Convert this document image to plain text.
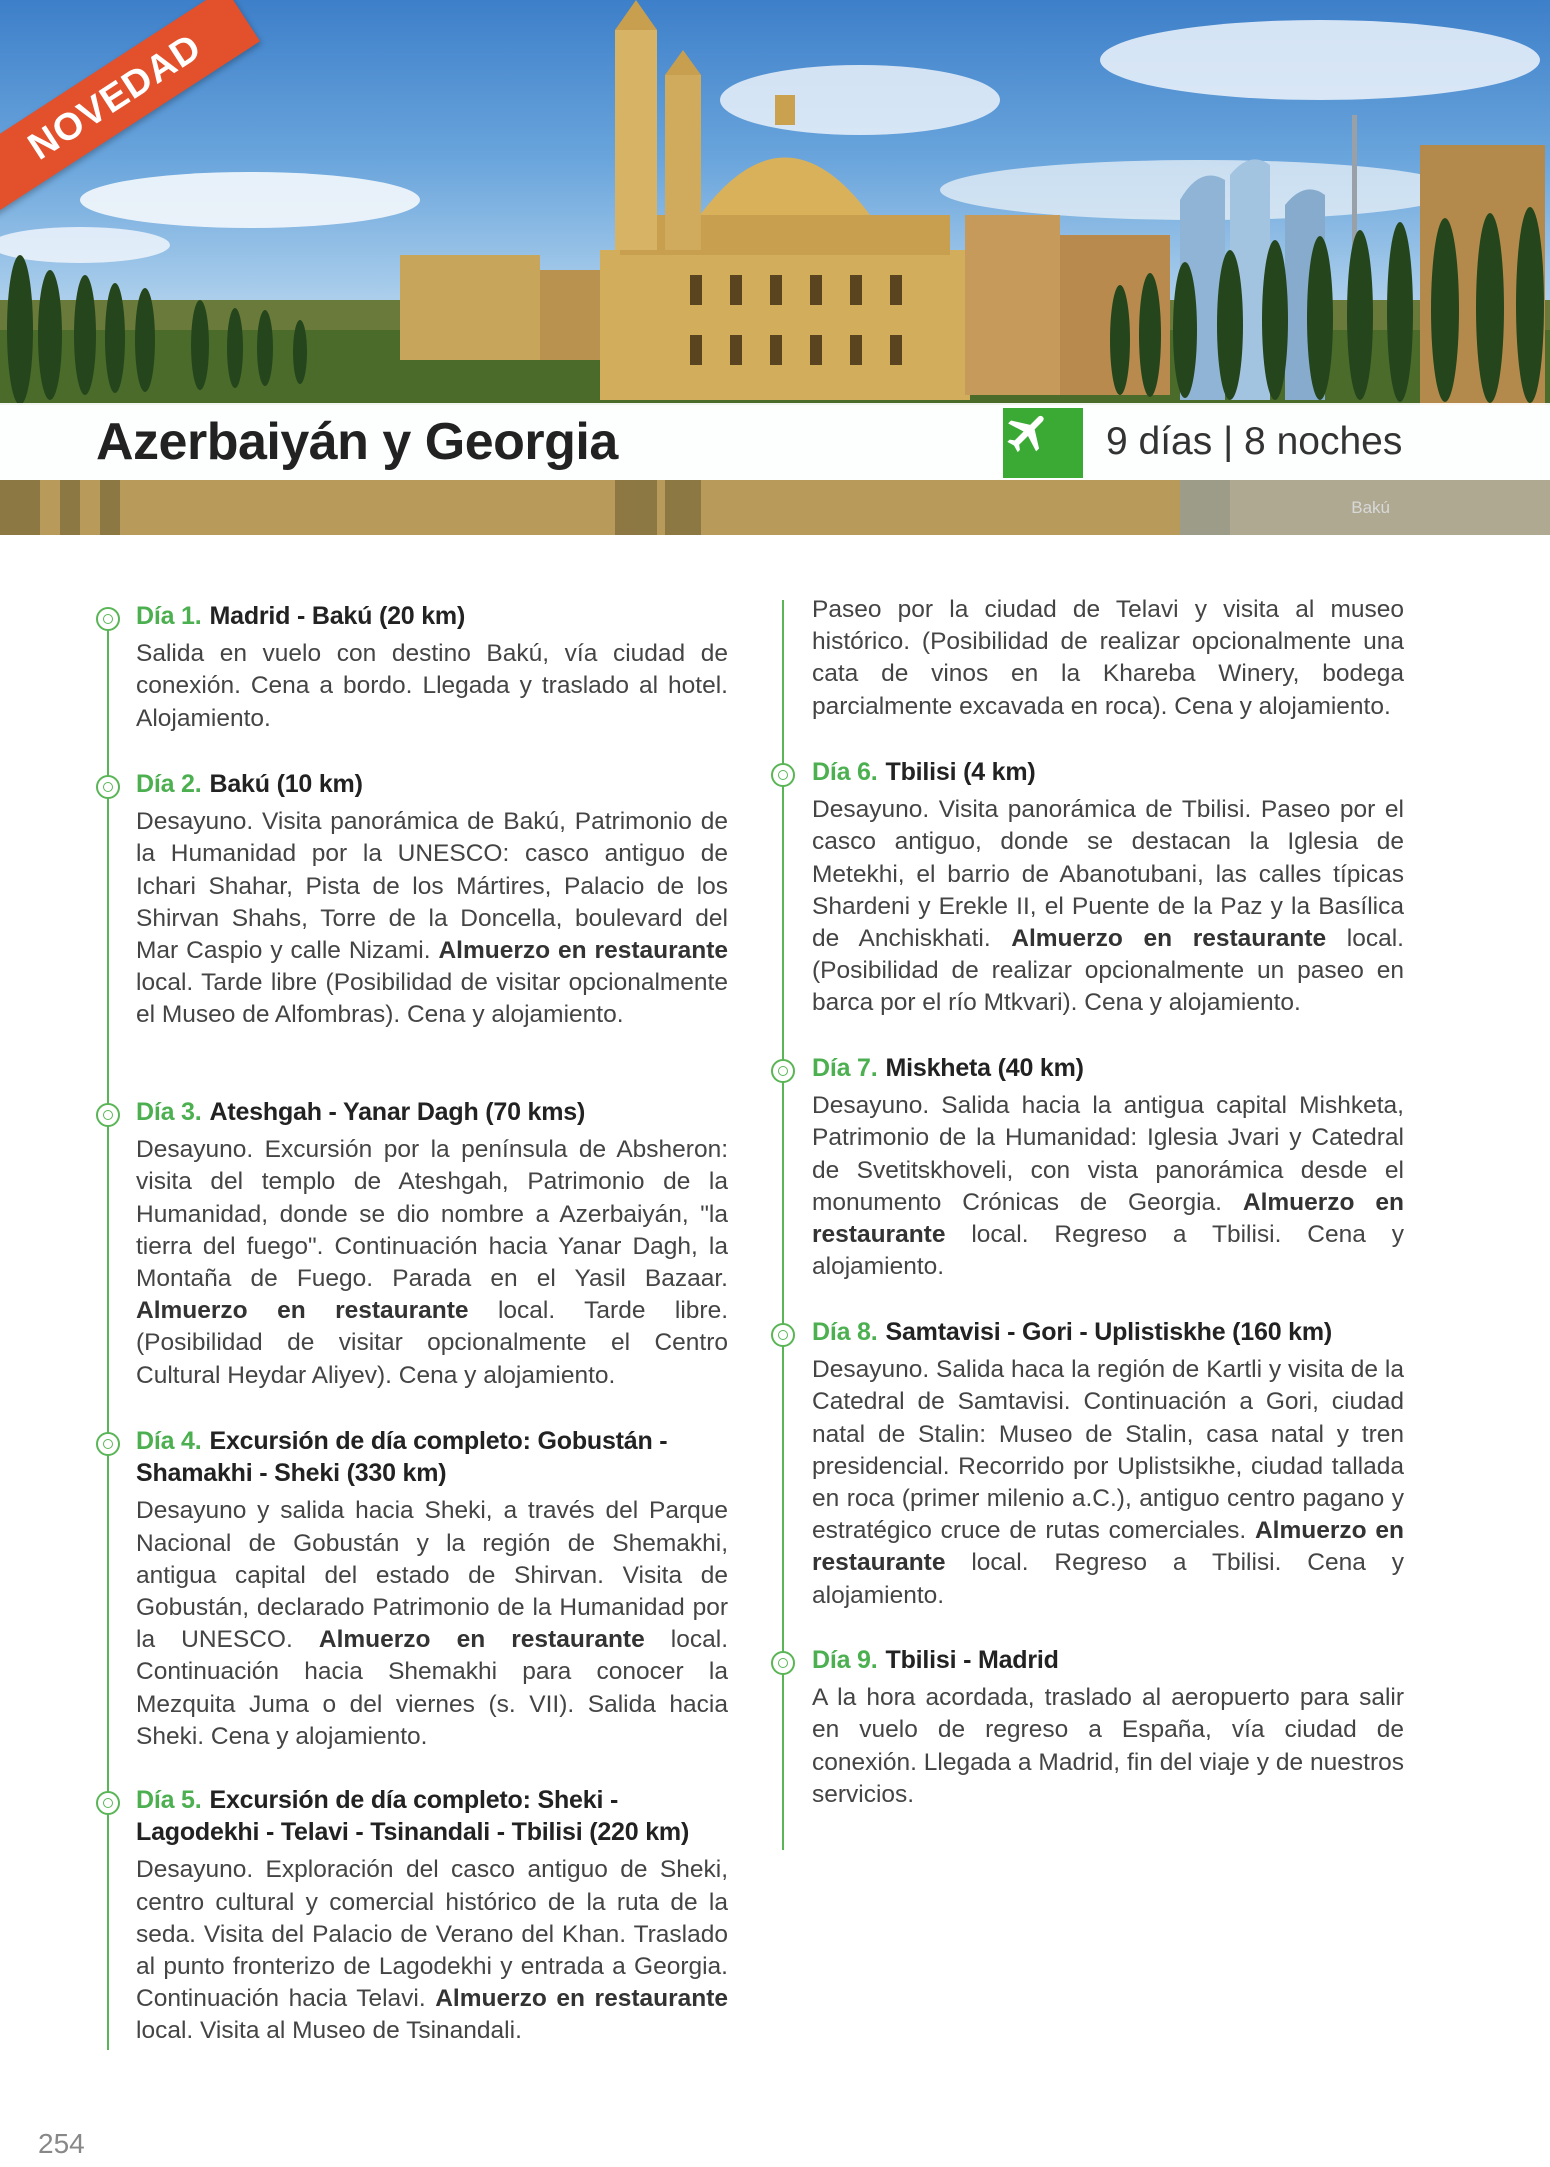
NOVEDAD
Azerbaiyán y Georgia	9 días | 8 noches
Bakú
Día 1. Madrid - Bakú (20 km)

Salida en vuelo con destino Bakú, vía ciudad de conexión. Cena a bordo. Llegada y traslado al hotel. Alojamiento.

Día 2. Bakú (10 km)

Desayuno. Visita panorámica de Bakú, Patrimonio de la Humanidad por la UNESCO: casco antiguo de Ichari Shahar, Pista de los Mártires, Palacio de los Shirvan Shahs, Torre de la Doncella, boulevard del Mar Caspio y calle Nizami. Almuerzo en restaurante local. Tarde libre (Posibilidad de visitar opcionalmente el Museo de Alfombras). Cena y alojamiento.

Día 3. Ateshgah - Yanar Dagh (70 kms)

Desayuno. Excursión por la península de Absheron: visita del templo de Ateshgah, Patrimonio de la Humanidad, donde se dio nombre a Azerbaiyán, "la tierra del fuego". Continuación hacia Yanar Dagh, la Montaña de Fuego. Parada en el Yasil Bazaar. Almuerzo en restaurante local. Tarde libre. (Posibilidad de visitar opcionalmente el Centro Cultural Heydar Aliyev). Cena y alojamiento.

Día 4. Excursión de día completo: Gobustán - Shamakhi - Sheki (330 km)

Desayuno y salida hacia Sheki, a través del Parque Nacional de Gobustán y la región de Shemakhi, antigua capital del estado de Shirvan. Visita de Gobustán, declarado Patrimonio de la Humanidad por la UNESCO. Almuerzo en restaurante local. Continuación hacia Shemakhi para conocer la Mezquita Juma o del viernes (s. VII). Salida hacia Sheki. Cena y alojamiento.

Día 5. Excursión de día completo: Sheki - Lagodekhi - Telavi - Tsinandali - Tbilisi (220 km)

Desayuno. Exploración del casco antiguo de Sheki, centro cultural y comercial histórico de la ruta de la seda. Visita del Palacio de Verano del Khan. Traslado al punto fronterizo de Lagodekhi y entrada a Georgia. Continuación hacia Telavi. Almuerzo en restaurante local. Visita al Museo de Tsinandali.

Paseo por la ciudad de Telavi y visita al museo histórico. (Posibilidad de realizar opcionalmente una cata de vinos en la Khareba Winery, bodega parcialmente excavada en roca). Cena y alojamiento.

Día 6. Tbilisi (4 km)

Desayuno. Visita panorámica de Tbilisi. Paseo por el casco antiguo, donde se destacan la Iglesia de Metekhi, el barrio de Abanotubani, las calles típicas Shardeni y Erekle II, el Puente de la Paz y la Basílica de Anchiskhati. Almuerzo en restaurante local. (Posibilidad de realizar opcionalmente un paseo en barca por el río Mtkvari). Cena y alojamiento.

Día 7. Miskheta (40 km)

Desayuno. Salida hacia la antigua capital Mishketa, Patrimonio de la Humanidad: Iglesia Jvari y Catedral de Svetitskhoveli, con vista panorámica desde el monumento Crónicas de Georgia. Almuerzo en restaurante local. Regreso a Tbilisi. Cena y alojamiento.

Día 8. Samtavisi - Gori - Uplistiskhe (160 km)

Desayuno. Salida haca la región de Kartli y visita de la Catedral de Samtavisi. Continuación a Gori, ciudad natal de Stalin: Museo de Stalin, casa natal y tren presidencial. Recorrido por Uplistsikhe, ciudad tallada en roca (primer milenio a.C.), antiguo centro pagano y estratégico cruce de rutas comerciales. Almuerzo en restaurante local. Regreso a Tbilisi. Cena y alojamiento.

Día 9. Tbilisi - Madrid

A la hora acordada, traslado al aeropuerto para salir en vuelo de regreso a España, vía ciudad de conexión. Llegada a Madrid, fin del viaje y de nuestros servicios.

254
